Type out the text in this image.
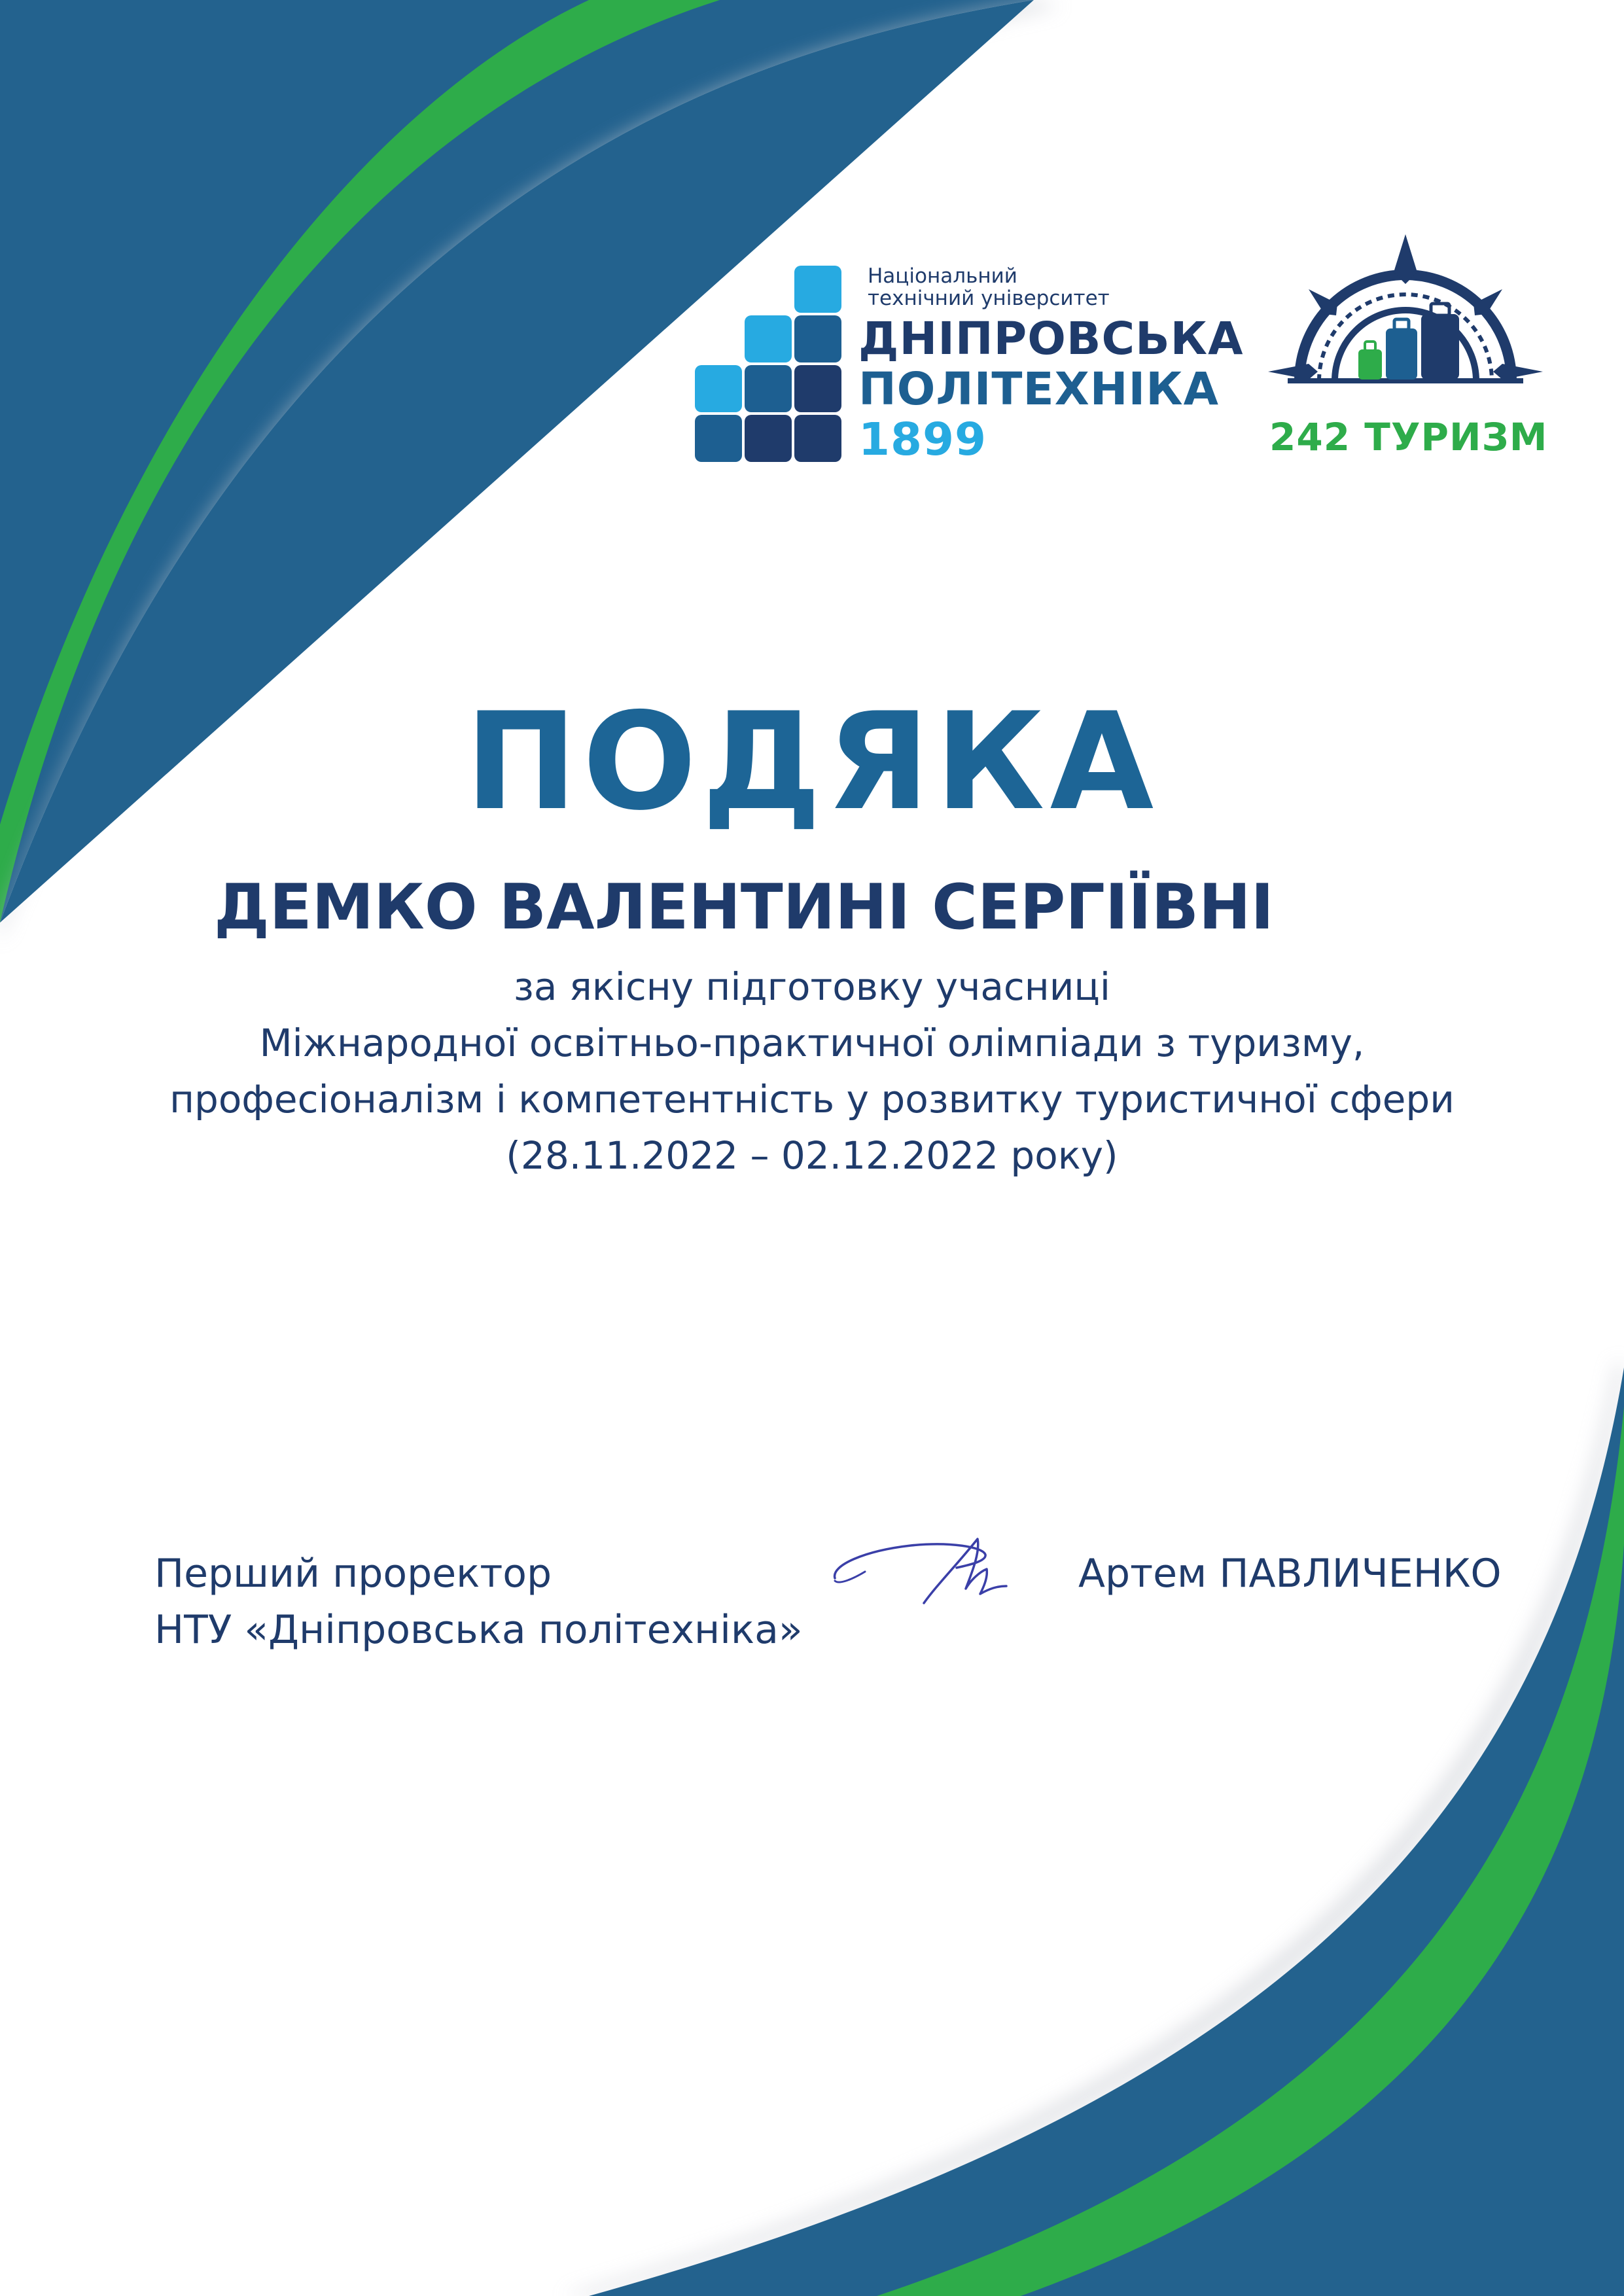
Національний
технічний університет
ДНІПРОВСЬКА
ПОЛІТЕХНІКА
1899	242 ТУРИЗМ
ПОДЯКА
ДЕМКО ВАЛЕНТИНІ СЕРГІЇВНІ
за якісну підготовку учасниці
Міжнародної освітньо-практичної олімпіади з туризму,
професіоналізм і компетентність у розвитку туристичної сфери
(28.11.2022 – 02.12.2022 року)
Перший проректор
НТУ «Дніпровська політехніка»
Артем ПАВЛИЧЕНКО
